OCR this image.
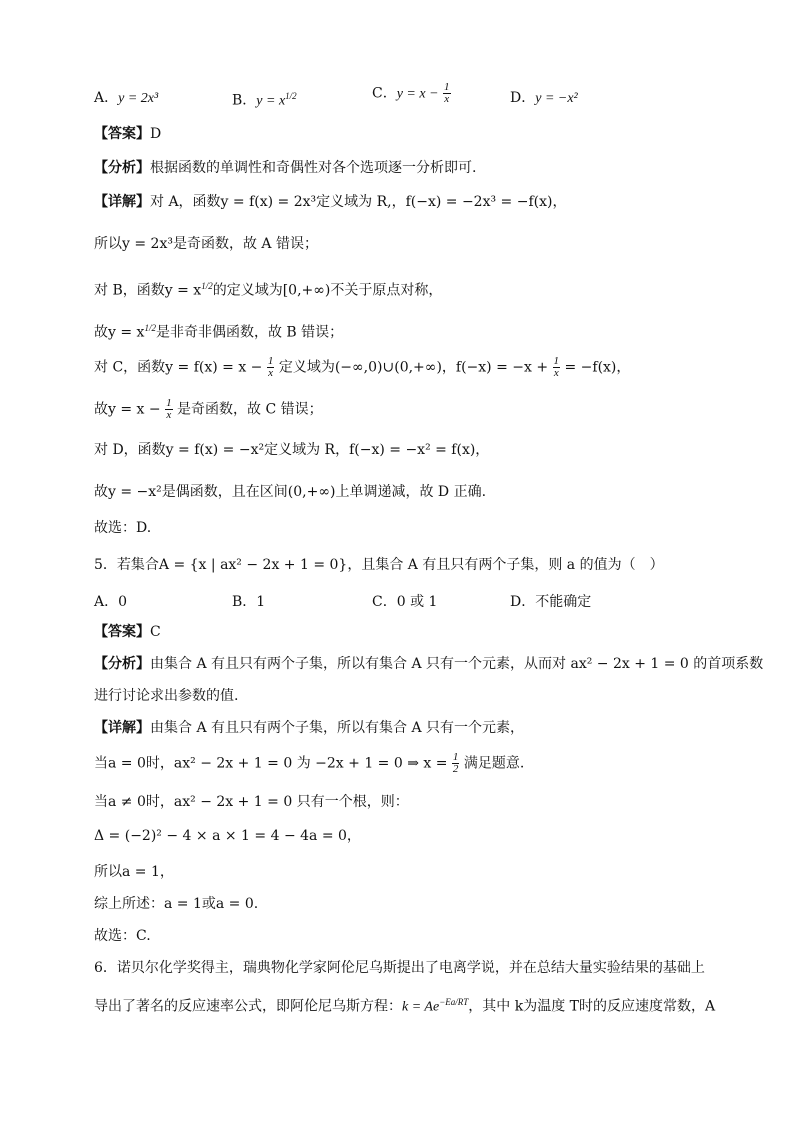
A．y = 2x³	B．$y = x^{1/2}$	C．$y = x - \frac{1}{x}$	D．y = −x²
【答案】D
【分析】根据函数的单调性和奇偶性对各个选项逐一分析即可.
【详解】对 A，函数y = f(x) = 2x³定义域为 R,，f(−x) = −2x³ = −f(x)，
所以y = 2x³是奇函数，故 A 错误；
对 B，函数$y = x^{1/2}$的定义域为[0,+∞)不关于原点对称，
故$y = x^{1/2}$是非奇非偶函数，故 B 错误；
对 C，函数$y = f(x) = x - \frac{1}{x}$ 定义域为(−∞,0)∪(0,+∞)，$f(-x) = -x + \frac{1}{x} = -f(x)$，
故$y = x - \frac{1}{x}$ 是奇函数，故 C 错误；
对 D，函数y = f(x) = −x²定义域为 R，f(−x) = −x² = f(x)，
故y = −x²是偶函数，且在区间(0,+∞)上单调递减，故 D 正确.
故选：D.
5．若集合A = {x | ax² − 2x + 1 = 0}，且集合 A 有且只有两个子集，则 a 的值为（　）
A．0	B．1	C．0 或 1	D．不能确定
【答案】C
【分析】由集合 A 有且只有两个子集，所以有集合 A 只有一个元素，从而对 ax² − 2x + 1 = 0 的首项系数
进行讨论求出参数的值.
【详解】由集合 A 有且只有两个子集，所以有集合 A 只有一个元素，
当a = 0时，ax² − 2x + 1 = 0 为 −2x + 1 = 0 ⇒ $x = \frac{1}{2}$ 满足题意.
当a ≠ 0时，ax² − 2x + 1 = 0 只有一个根，则：
Δ = (−2)² − 4 × a × 1 = 4 − 4a = 0，
所以a = 1，
综上所述：a = 1或a = 0.
故选：C.
6．诺贝尔化学奖得主，瑞典物化学家阿伦尼乌斯提出了电离学说，并在总结大量实验结果的基础上
导出了著名的反应速率公式，即阿伦尼乌斯方程：$k = Ae^{-Ea/RT}$，其中 k为温度 T时的反应速度常数，A
